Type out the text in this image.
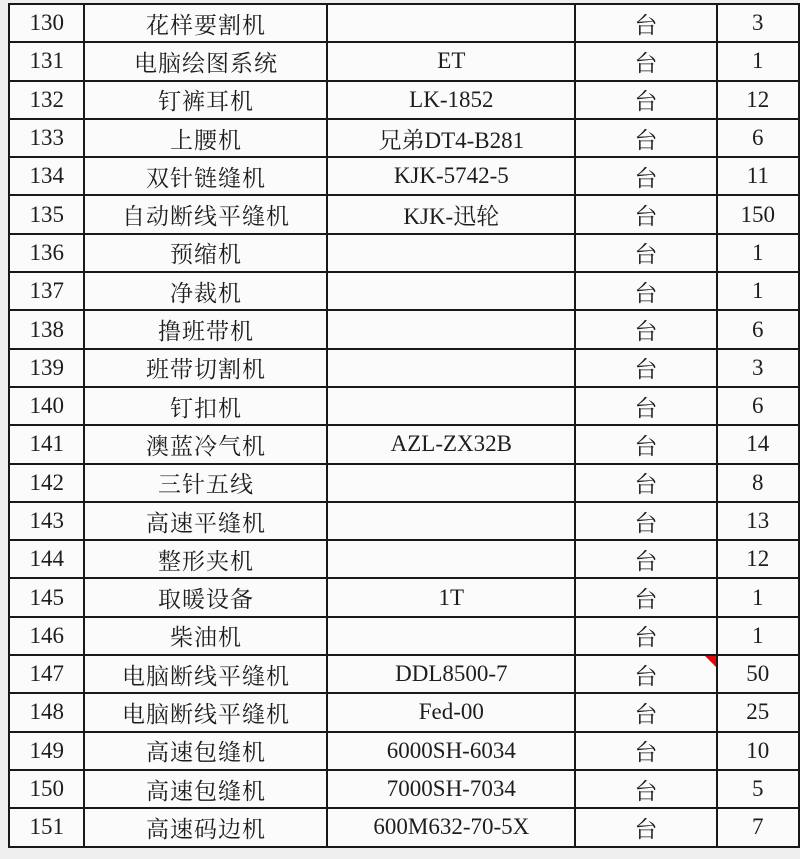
130	花样要割机		台	3
131	电脑绘图系统	ET	台	1
132	钉裤耳机	LK-1852	台	12
133	上腰机	兄弟DT4-B281	台	6
134	双针链缝机	KJK-5742-5	台	11
135	自动断线平缝机	KJK-迅轮	台	150
136	预缩机		台	1
137	净裁机		台	1
138	撸班带机		台	6
139	班带切割机		台	3
140	钉扣机		台	6
141	澳蓝冷气机	AZL-ZX32B	台	14
142	三针五线		台	8
143	高速平缝机		台	13
144	整形夹机		台	12
145	取暖设备	1T	台	1
146	柴油机		台	1
147	电脑断线平缝机	DDL8500-7	台	50
148	电脑断线平缝机	Fed-00	台	25
149	高速包缝机	6000SH-6034	台	10
150	高速包缝机	7000SH-7034	台	5
151	高速码边机	600M632-70-5X	台	7
